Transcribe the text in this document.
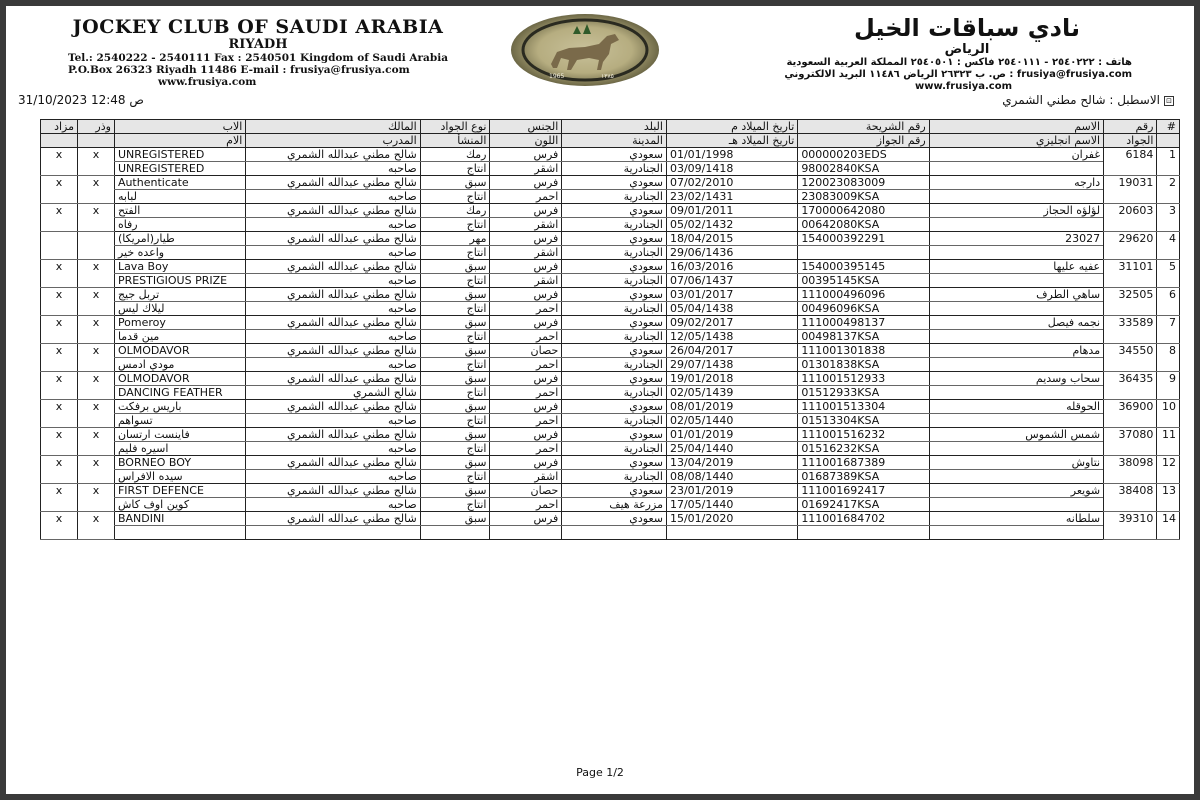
JOCKEY CLUB OF SAUDI ARABIA
RIYADH
Tel.: 2540222 - 2540111 Fax : 2540501 Kingdom of Saudi Arabia
P.O.Box 26323 Riyadh 11486 E-mail : frusiya@frusiya.com
www.frusiya.com	1965	١٣٨٥
نادي سباقات الخيل
الرياض
هاتف : ٢٥٤٠٢٢٢ - ٢٥٤٠١١١ فاكس : ٢٥٤٠٥٠١ المملكة العربية السعودية
frusiya@frusiya.com : ص. ب ٢٦٣٢٣ الرياض ١١٤٨٦ البريد الالكتروني
www.frusiya.com
31/10/2023 12:48 ص	⊡الاسطبل : شالح مطني الشمري
#	رقم	الاسم	رقم الشريحة	تاريخ الميلاد م	البلد	الجنس	نوع الجواد	المالك	الاب	وذر	مزاد
	الجواد	الاسم انجليزي	رقم الجواز	تاريخ الميلاد هـ	المدينة	اللون	المنشأ	المدرب	الام		
1	6184	غفران	000000203EDS	01/01/1998	سعودي	فرس	رمك	شالح مطني عبدالله الشمري	UNREGISTERED	x	x
			98002840KSA	03/09/1418	الجنادرية	اشقر	انتاج	صاحبه	UNREGISTERED		
2	19031	دارجه	120023083009	07/02/2010	سعودي	فرس	سبق	شالح مطني عبدالله الشمري	Authenticate	x	x
			23083009KSA	23/02/1431	الجنادرية	احمر	انتاج	صاحبه	لبابه		
3	20603	لؤلؤه الحجاز	170000642080	09/01/2011	سعودي	فرس	رمك	شالح مطني عبدالله الشمري	الفتح	x	x
			00642080KSA	05/02/1432	الجنادرية	اشقر	انتاج	صاحبه	رفاه		
4	29620	23027	154000392291	18/04/2015	سعودي	فرس	مهر	شالح مطني عبدالله الشمري	طيار(امريكا)		
				29/06/1436	الجنادرية	اشقر	انتاج	صاحبه	واعده خير		
5	31101	عفيه عليها	154000395145	16/03/2016	سعودي	فرس	سبق	شالح مطني عبدالله الشمري	Lava Boy	x	x
			00395145KSA	07/06/1437	الجنادرية	اشقر	انتاج	صاحبه	PRESTIGIOUS PRIZE		
6	32505	ساهي الطرف	111000496096	03/01/2017	سعودي	فرس	سبق	شالح مطني عبدالله الشمري	تربل جيج	x	x
			00496096KSA	05/04/1438	الجنادرية	احمر	انتاج	صاحبه	ليلاك ليس		
7	33589	نجمه فيصل	111000498137	09/02/2017	سعودي	فرس	سبق	شالح مطني عبدالله الشمري	Pomeroy	x	x
			00498137KSA	12/05/1438	الجنادرية	احمر	انتاج	صاحبه	مين قدما		
8	34550	مدهام	111001301838	26/04/2017	سعودي	حصان	سبق	شالح مطني عبدالله الشمري	OLMODAVOR	x	x
			01301838KSA	29/07/1438	الجنادرية	احمر	انتاج	صاحبه	مودي ادمس		
9	36435	سحاب وسديم	111001512933	19/01/2018	سعودي	فرس	سبق	شالح مطني عبدالله الشمري	OLMODAVOR	x	x
			01512933KSA	02/05/1439	الجنادرية	احمر	انتاج	شالح الشمري	DANCING FEATHER		
10	36900	الحوقله	111001513304	08/01/2019	سعودي	فرس	سبق	شالح مطني عبدالله الشمري	باريس برفكت	x	x
			01513304KSA	02/05/1440	الجنادرية	احمر	انتاج	صاحبه	تسواهم		
11	37080	شمس الشموس	111001516232	01/01/2019	سعودي	فرس	سبق	شالح مطني عبدالله الشمري	فاينست ارتسان	x	x
			01516232KSA	25/04/1440	الجنادرية	احمر	انتاج	صاحبه	اسيره فليم		
12	38098	نتاوش	111001687389	13/04/2019	سعودي	فرس	سبق	شالح مطني عبدالله الشمري	BORNEO BOY	x	x
			01687389KSA	08/08/1440	الجنادرية	اشقر	انتاج	صاحبه	سيده الافراس		
13	38408	شويعر	111001692417	23/01/2019	سعودي	حصان	سبق	شالح مطني عبدالله الشمري	FIRST DEFENCE	x	x
			01692417KSA	17/05/1440	مزرعة هيف	احمر	انتاج	صاحبه	كوين اوف كاش		
14	39310	سلطانه	111001684702	15/01/2020	سعودي	فرس	سبق	شالح مطني عبدالله الشمري	BANDINI	x	x

Page 1/2
